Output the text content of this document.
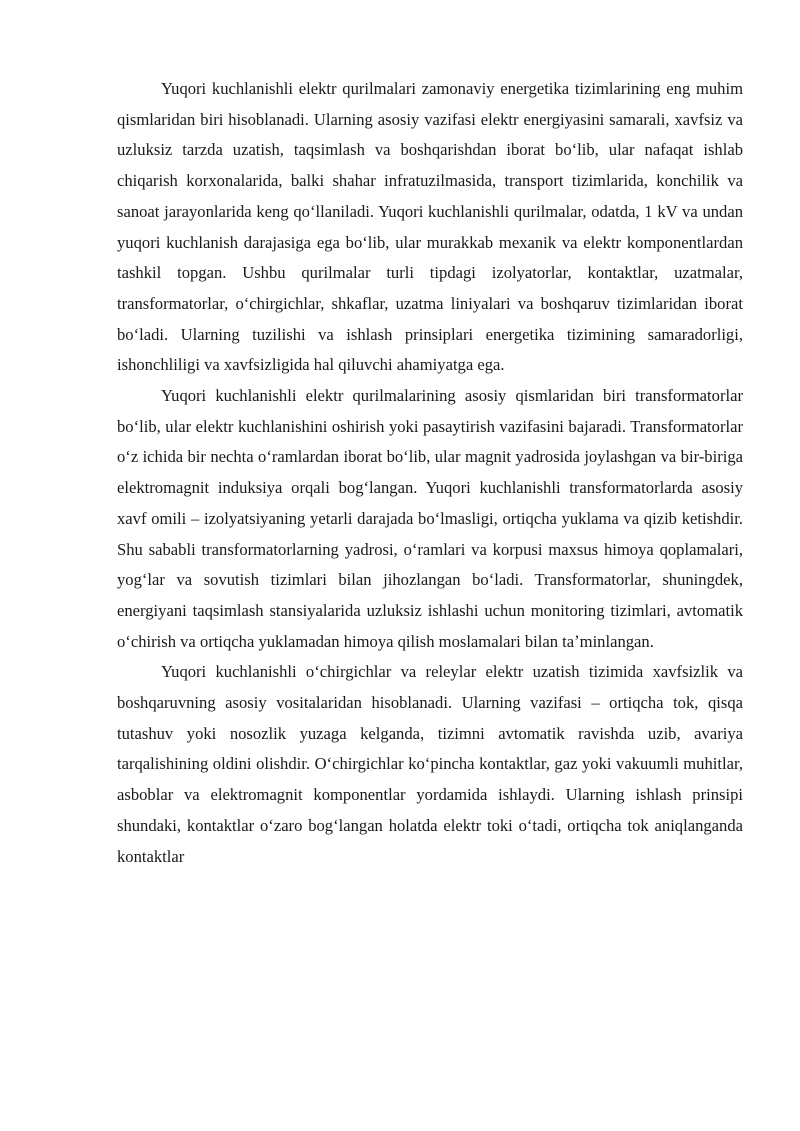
Yuqori kuchlanishli elektr qurilmalari zamonaviy energetika tizimlarining eng muhim qismlaridan biri hisoblanadi. Ularning asosiy vazifasi elektr energiyasini samarali, xavfsiz va uzluksiz tarzda uzatish, taqsimlash va boshqarishdan iborat boʻlib, ular nafaqat ishlab chiqarish korxonalarida, balki shahar infratuzilmasida, transport tizimlarida, konchilik va sanoat jarayonlarida keng qoʻllaniladi. Yuqori kuchlanishli qurilmalar, odatda, 1 kV va undan yuqori kuchlanish darajasiga ega boʻlib, ular murakkab mexanik va elektr komponentlardan tashkil topgan. Ushbu qurilmalar turli tipdagi izolyatorlar, kontaktlar, uzatmalar, transformatorlar, oʻchirgichlar, shkaflar, uzatma liniyalari va boshqaruv tizimlaridan iborat boʻladi. Ularning tuzilishi va ishlash prinsiplari energetika tizimining samaradorligi, ishonchliligi va xavfsizligida hal qiluvchi ahamiyatga ega.

Yuqori kuchlanishli elektr qurilmalarining asosiy qismlaridan biri transformatorlar boʻlib, ular elektr kuchlanishini oshirish yoki pasaytirish vazifasini bajaradi. Transformatorlar oʻz ichida bir nechta oʻramlardan iborat boʻlib, ular magnit yadrosida joylashgan va bir-biriga elektromagnit induksiya orqali bogʻlangan. Yuqori kuchlanishli transformatorlarda asosiy xavf omili – izolyatsiyaning yetarli darajada boʻlmasligi, ortiqcha yuklama va qizib ketishdir. Shu sababli transformatorlarning yadrosi, oʻramlari va korpusi maxsus himoya qoplamalari, yogʻlar va sovutish tizimlari bilan jihozlangan boʻladi. Transformatorlar, shuningdek, energiyani taqsimlash stansiyalarida uzluksiz ishlashi uchun monitoring tizimlari, avtomatik oʻchirish va ortiqcha yuklamadan himoya qilish moslamalari bilan taʼminlangan.

Yuqori kuchlanishli oʻchirgichlar va releylar elektr uzatish tizimida xavfsizlik va boshqaruvning asosiy vositalaridan hisoblanadi. Ularning vazifasi – ortiqcha tok, qisqa tutashuv yoki nosozlik yuzaga kelganda, tizimni avtomatik ravishda uzib, avariya tarqalishining oldini olishdir. Oʻchirgichlar koʻpincha kontaktlar, gaz yoki vakuumli muhitlar, asboblar va elektromagnit komponentlar yordamida ishlaydi. Ularning ishlash prinsipi shundaki, kontaktlar oʻzaro bogʻlangan holatda elektr toki oʻtadi, ortiqcha tok aniqlanganda kontaktlar
